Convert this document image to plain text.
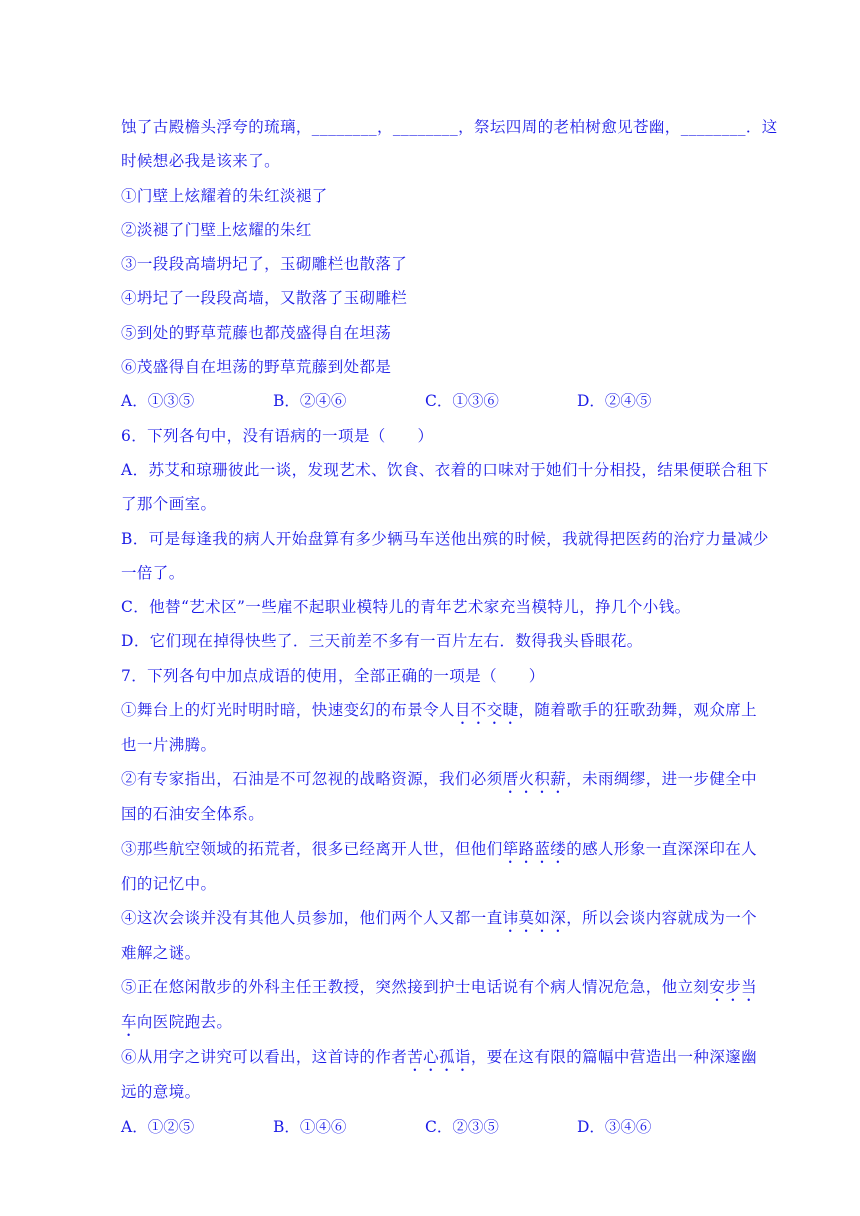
蚀了古殿檐头浮夸的琉璃，________，________，祭坛四周的老柏树愈见苍幽，________．这
时候想必我是该来了。
①门壁上炫耀着的朱红淡褪了
②淡褪了门壁上炫耀的朱红
③一段段高墙坍圮了，玉砌雕栏也散落了
④坍圮了一段段高墙，又散落了玉砌雕栏
⑤到处的野草荒藤也都茂盛得自在坦荡
⑥茂盛得自在坦荡的野草荒藤到处都是
A．①③⑤	B．②④⑥	C．①③⑥	D．②④⑤
6．下列各句中，没有语病的一项是（　　）
A．苏艾和琼珊彼此一谈，发现艺术、饮食、衣着的口味对于她们十分相投，结果便联合租下
了那个画室。
B．可是每逢我的病人开始盘算有多少辆马车送他出殡的时候，我就得把医药的治疗力量减少
一倍了。
C．他替“艺术区”一些雇不起职业模特儿的青年艺术家充当模特儿，挣几个小钱。
D．它们现在掉得快些了．三天前差不多有一百片左右．数得我头昏眼花。
7．下列各句中加点成语的使用，全部正确的一项是（　　）
①舞台上的灯光时明时暗，快速变幻的布景令人目不交睫，随着歌手的狂歌劲舞，观众席上
也一片沸腾。
②有专家指出，石油是不可忽视的战略资源，我们必须厝火积薪，未雨绸缪，进一步健全中
国的石油安全体系。
③那些航空领域的拓荒者，很多已经离开人世，但他们筚路蓝缕的感人形象一直深深印在人
们的记忆中。
④这次会谈并没有其他人员参加，他们两个人又都一直讳莫如深，所以会谈内容就成为一个
难解之谜。
⑤正在悠闲散步的外科主任王教授，突然接到护士电话说有个病人情况危急，他立刻安步当
车向医院跑去。
⑥从用字之讲究可以看出，这首诗的作者苦心孤诣，要在这有限的篇幅中营造出一种深邃幽
远的意境。
A．①②⑤	B．①④⑥	C．②③⑤	D．③④⑥
